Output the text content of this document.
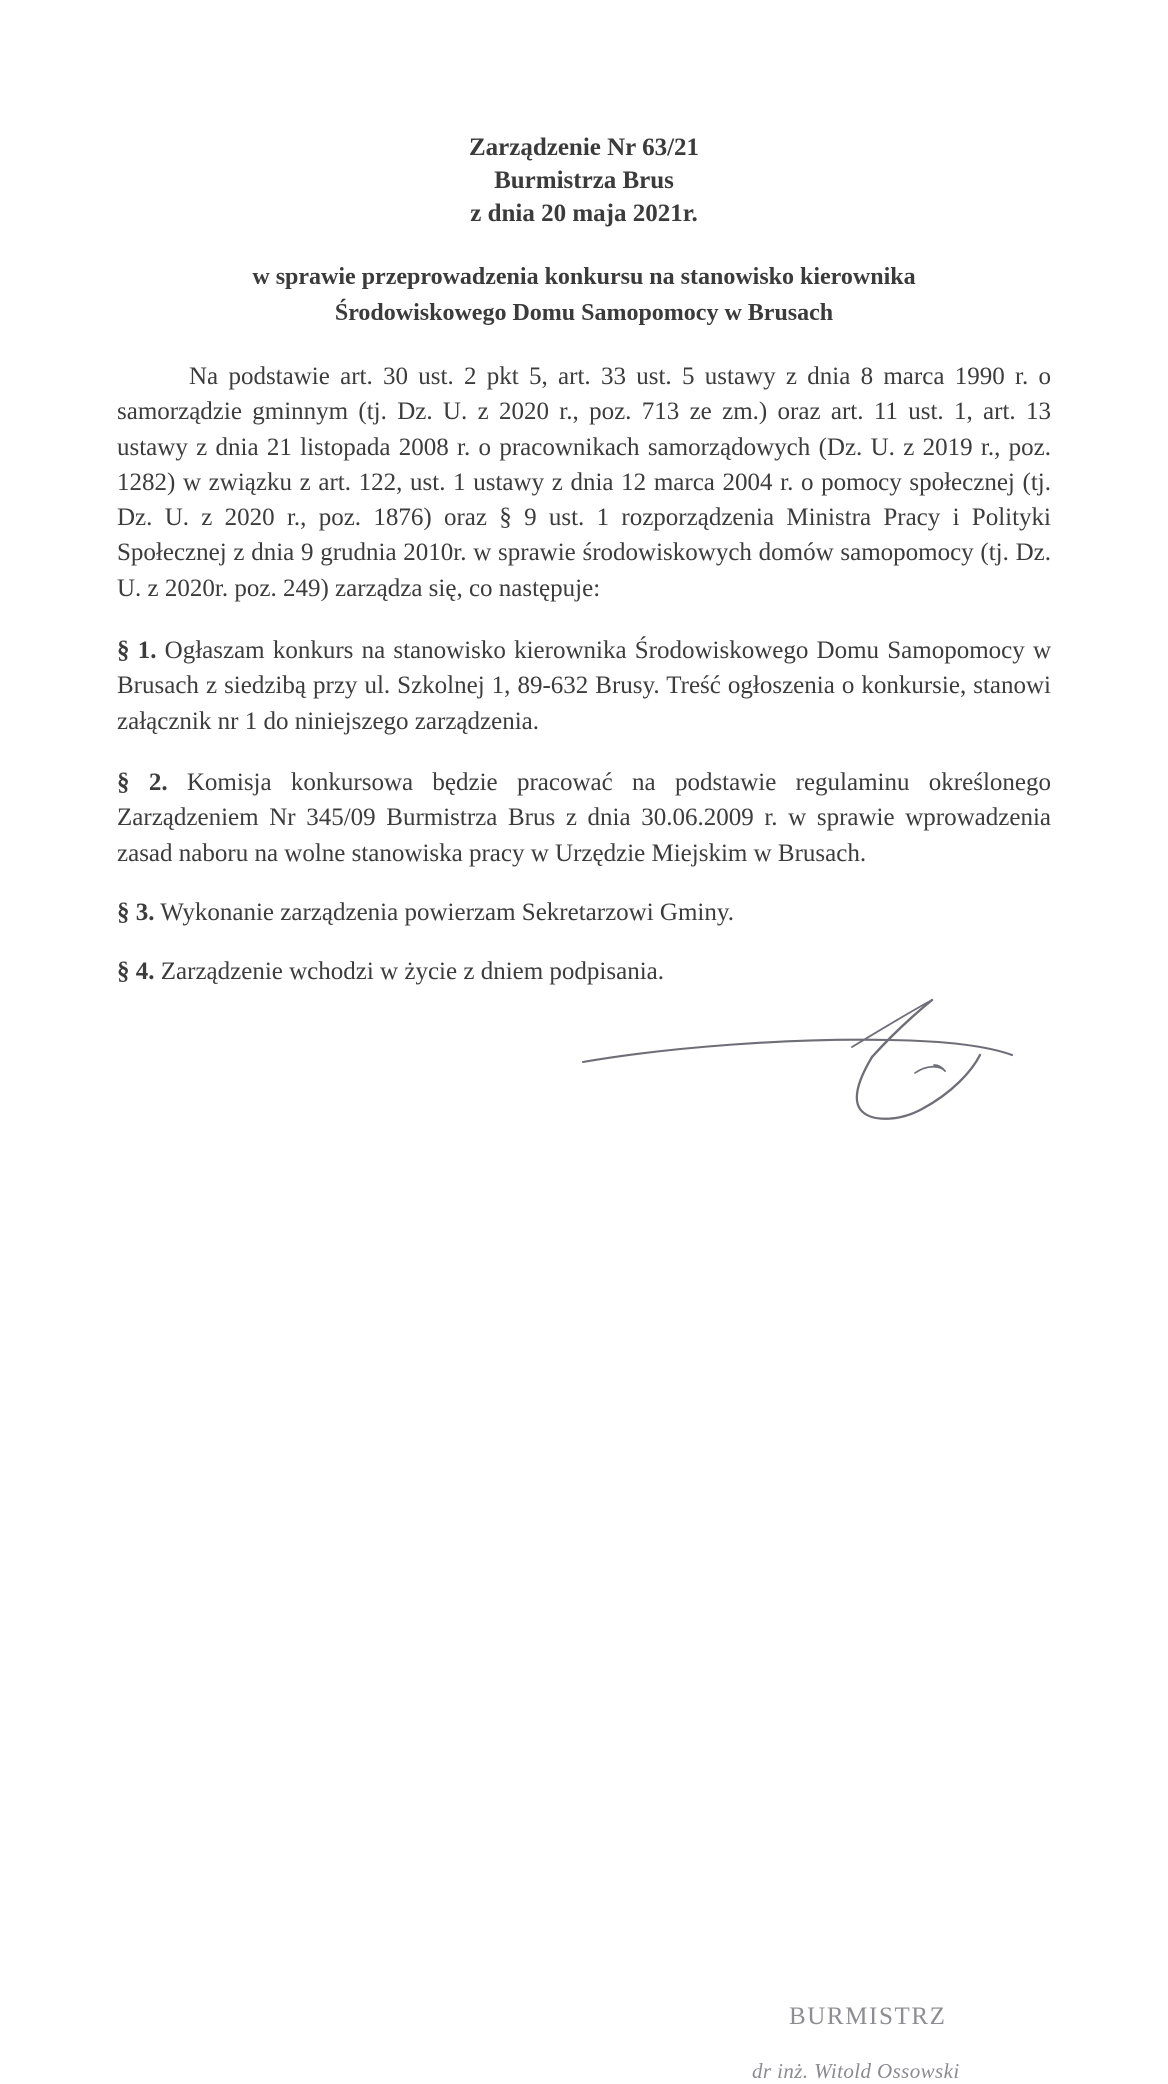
Zarządzenie Nr 63/21
Burmistrza Brus
z dnia 20 maja 2021r.
w sprawie przeprowadzenia konkursu na stanowisko kierownika
Środowiskowego Domu Samopomocy w Brusach

Na podstawie art. 30 ust. 2 pkt 5, art. 33 ust. 5 ustawy z dnia 8 marca 1990 r. o samorządzie gminnym (tj. Dz. U. z 2020 r., poz. 713 ze zm.) oraz art. 11 ust. 1, art. 13 ustawy z dnia 21 listopada 2008 r. o pracownikach samorządowych (Dz. U. z 2019 r., poz. 1282) w związku z art. 122, ust. 1 ustawy z dnia 12 marca 2004 r. o pomocy społecznej (tj. Dz. U. z 2020 r., poz. 1876) oraz § 9 ust. 1 rozporządzenia Ministra Pracy i Polityki Społecznej z dnia 9 grudnia 2010r. w sprawie środowiskowych domów samopomocy (tj. Dz. U. z 2020r. poz. 249) zarządza się, co następuje:

§ 1. Ogłaszam konkurs na stanowisko kierownika Środowiskowego Domu Samopomocy w Brusach z siedzibą przy ul. Szkolnej 1, 89-632 Brusy. Treść ogłoszenia o konkursie, stanowi załącznik nr 1 do niniejszego zarządzenia.

§ 2. Komisja konkursowa będzie pracować na podstawie regulaminu określonego Zarządzeniem Nr 345/09 Burmistrza Brus z dnia 30.06.2009 r. w sprawie wprowadzenia zasad naboru na wolne stanowiska pracy w Urzędzie Miejskim w Brusach.

§ 3. Wykonanie zarządzenia powierzam Sekretarzowi Gminy.

§ 4. Zarządzenie wchodzi w życie z dniem podpisania.

BURMISTRZ
dr inż. Witold Ossowski
